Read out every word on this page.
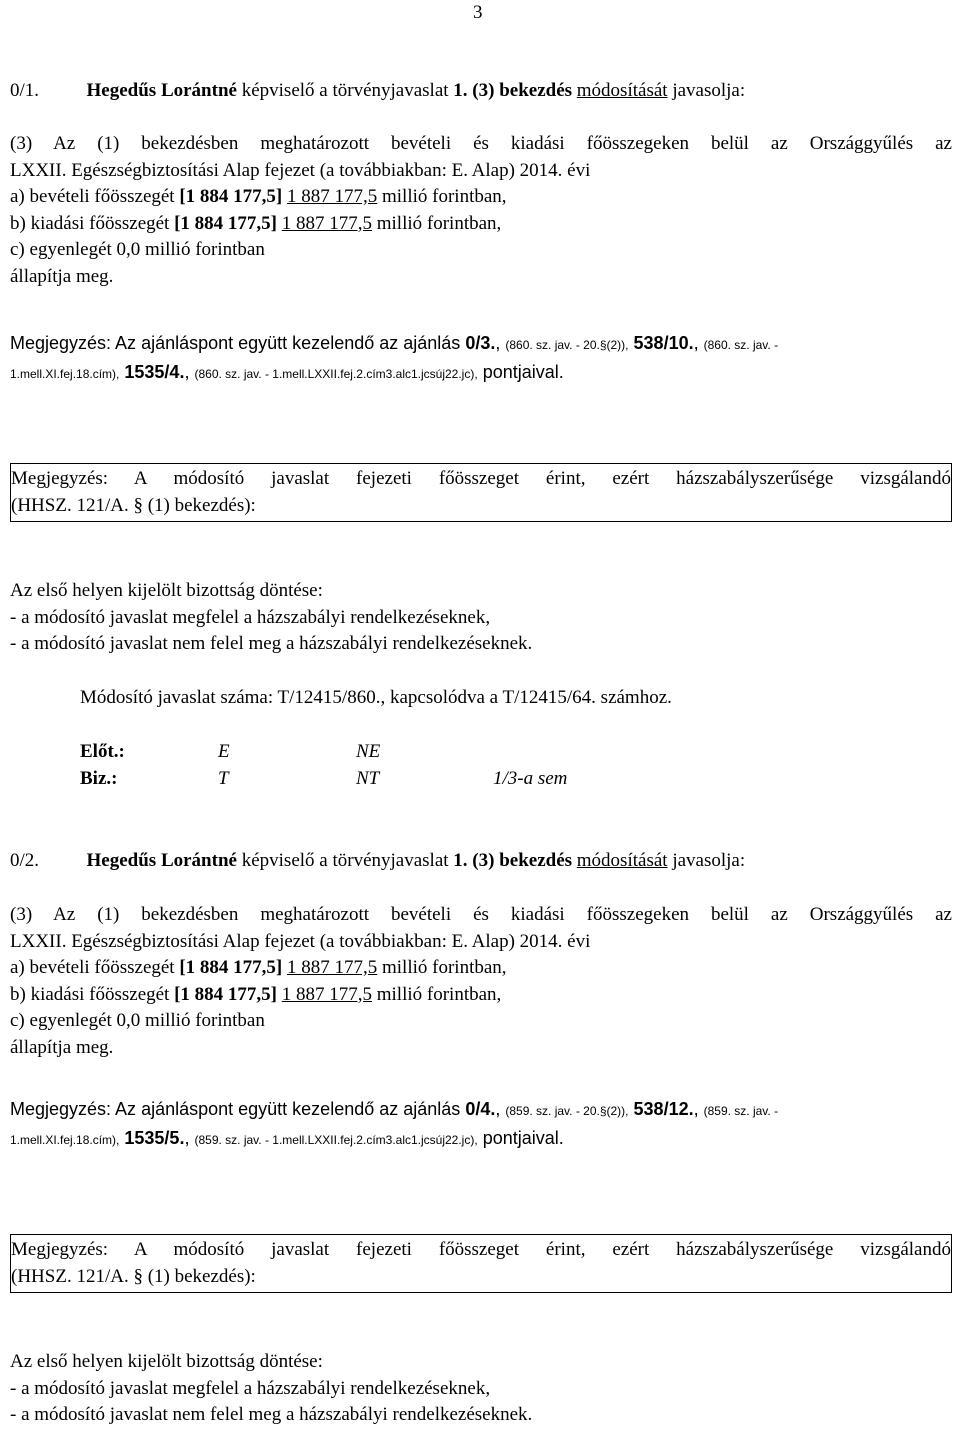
3
0/1.	Hegedűs Lorántné képviselő a törvényjavaslat 1. (3) bekezdés módosítását javasolja:
(3) Az (1) bekezdésben meghatározott bevételi és kiadási főösszegeken belül az Országgyűlés az
LXXII. Egészségbiztosítási Alap fejezet (a továbbiakban: E. Alap) 2014. évi
a) bevételi főösszegét [1 884 177,5] 1 887 177,5 millió forintban,
b) kiadási főösszegét [1 884 177,5] 1 887 177,5 millió forintban,
c) egyenlegét 0,0 millió forintban
állapítja meg.
Megjegyzés: Az ajánláspont együtt kezelendő az ajánlás 0/3., (860. sz. jav. - 20.§(2)), 538/10., (860. sz. jav. -
1.mell.XI.fej.18.cím), 1535/4., (860. sz. jav. - 1.mell.LXXII.fej.2.cím3.alc1.jcsúj22.jc), pontjaival.
Megjegyzés: A módosító javaslat fejezeti főösszeget érint, ezért házszabályszerűsége vizsgálandó
(HHSZ. 121/A. § (1) bekezdés):
Az első helyen kijelölt bizottság döntése:
- a módosító javaslat megfelel a házszabályi rendelkezéseknek,
- a módosító javaslat nem felel meg a házszabályi rendelkezéseknek.
Módosító javaslat száma: T/12415/860., kapcsolódva a T/12415/64. számhoz.
Előt.:	E	NE
Biz.:	T	NT	1/3-a sem
0/2.	Hegedűs Lorántné képviselő a törvényjavaslat 1. (3) bekezdés módosítását javasolja:
(3) Az (1) bekezdésben meghatározott bevételi és kiadási főösszegeken belül az Országgyűlés az
LXXII. Egészségbiztosítási Alap fejezet (a továbbiakban: E. Alap) 2014. évi
a) bevételi főösszegét [1 884 177,5] 1 887 177,5 millió forintban,
b) kiadási főösszegét [1 884 177,5] 1 887 177,5 millió forintban,
c) egyenlegét 0,0 millió forintban
állapítja meg.
Megjegyzés: Az ajánláspont együtt kezelendő az ajánlás 0/4., (859. sz. jav. - 20.§(2)), 538/12., (859. sz. jav. -
1.mell.XI.fej.18.cím), 1535/5., (859. sz. jav. - 1.mell.LXXII.fej.2.cím3.alc1.jcsúj22.jc), pontjaival.
Megjegyzés: A módosító javaslat fejezeti főösszeget érint, ezért házszabályszerűsége vizsgálandó
(HHSZ. 121/A. § (1) bekezdés):
Az első helyen kijelölt bizottság döntése:
- a módosító javaslat megfelel a házszabályi rendelkezéseknek,
- a módosító javaslat nem felel meg a házszabályi rendelkezéseknek.
